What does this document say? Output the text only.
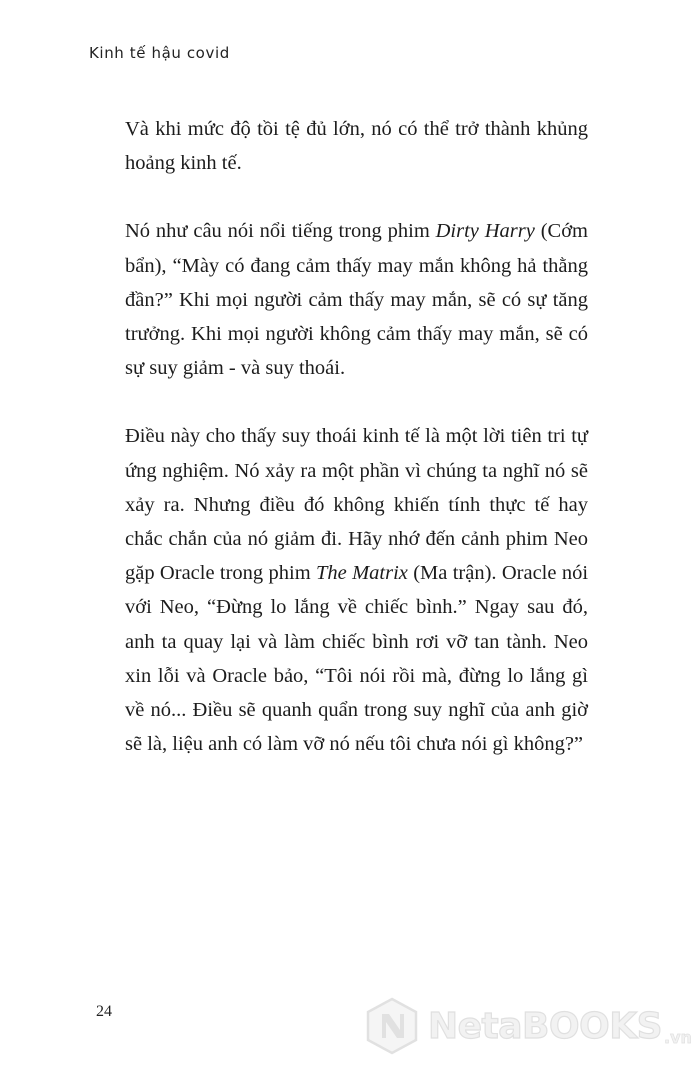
Kinh tế hậu covid

Và khi mức độ tồi tệ đủ lớn, nó có thể trở thành khủng hoảng kinh tế.

Nó như câu nói nổi tiếng trong phim Dirty Harry (Cớm bẩn), “Mày có đang cảm thấy may mắn không hả thằng đần?” Khi mọi người cảm thấy may mắn, sẽ có sự tăng trưởng. Khi mọi người không cảm thấy may mắn, sẽ có sự suy giảm - và suy thoái.

Điều này cho thấy suy thoái kinh tế là một lời tiên tri tự ứng nghiệm. Nó xảy ra một phần vì chúng ta nghĩ nó sẽ xảy ra. Nhưng điều đó không khiến tính thực tế hay chắc chắn của nó giảm đi. Hãy nhớ đến cảnh phim Neo gặp Oracle trong phim The Matrix (Ma trận). Oracle nói với Neo, “Đừng lo lắng về chiếc bình.” Ngay sau đó, anh ta quay lại và làm chiếc bình rơi vỡ tan tành. Neo xin lỗi và Oracle bảo, “Tôi nói rồi mà, đừng lo lắng gì về nó... Điều sẽ quanh quẩn trong suy nghĩ của anh giờ sẽ là, liệu anh có làm vỡ nó nếu tôi chưa nói gì không?”

24	NetaBOOKS .vn
